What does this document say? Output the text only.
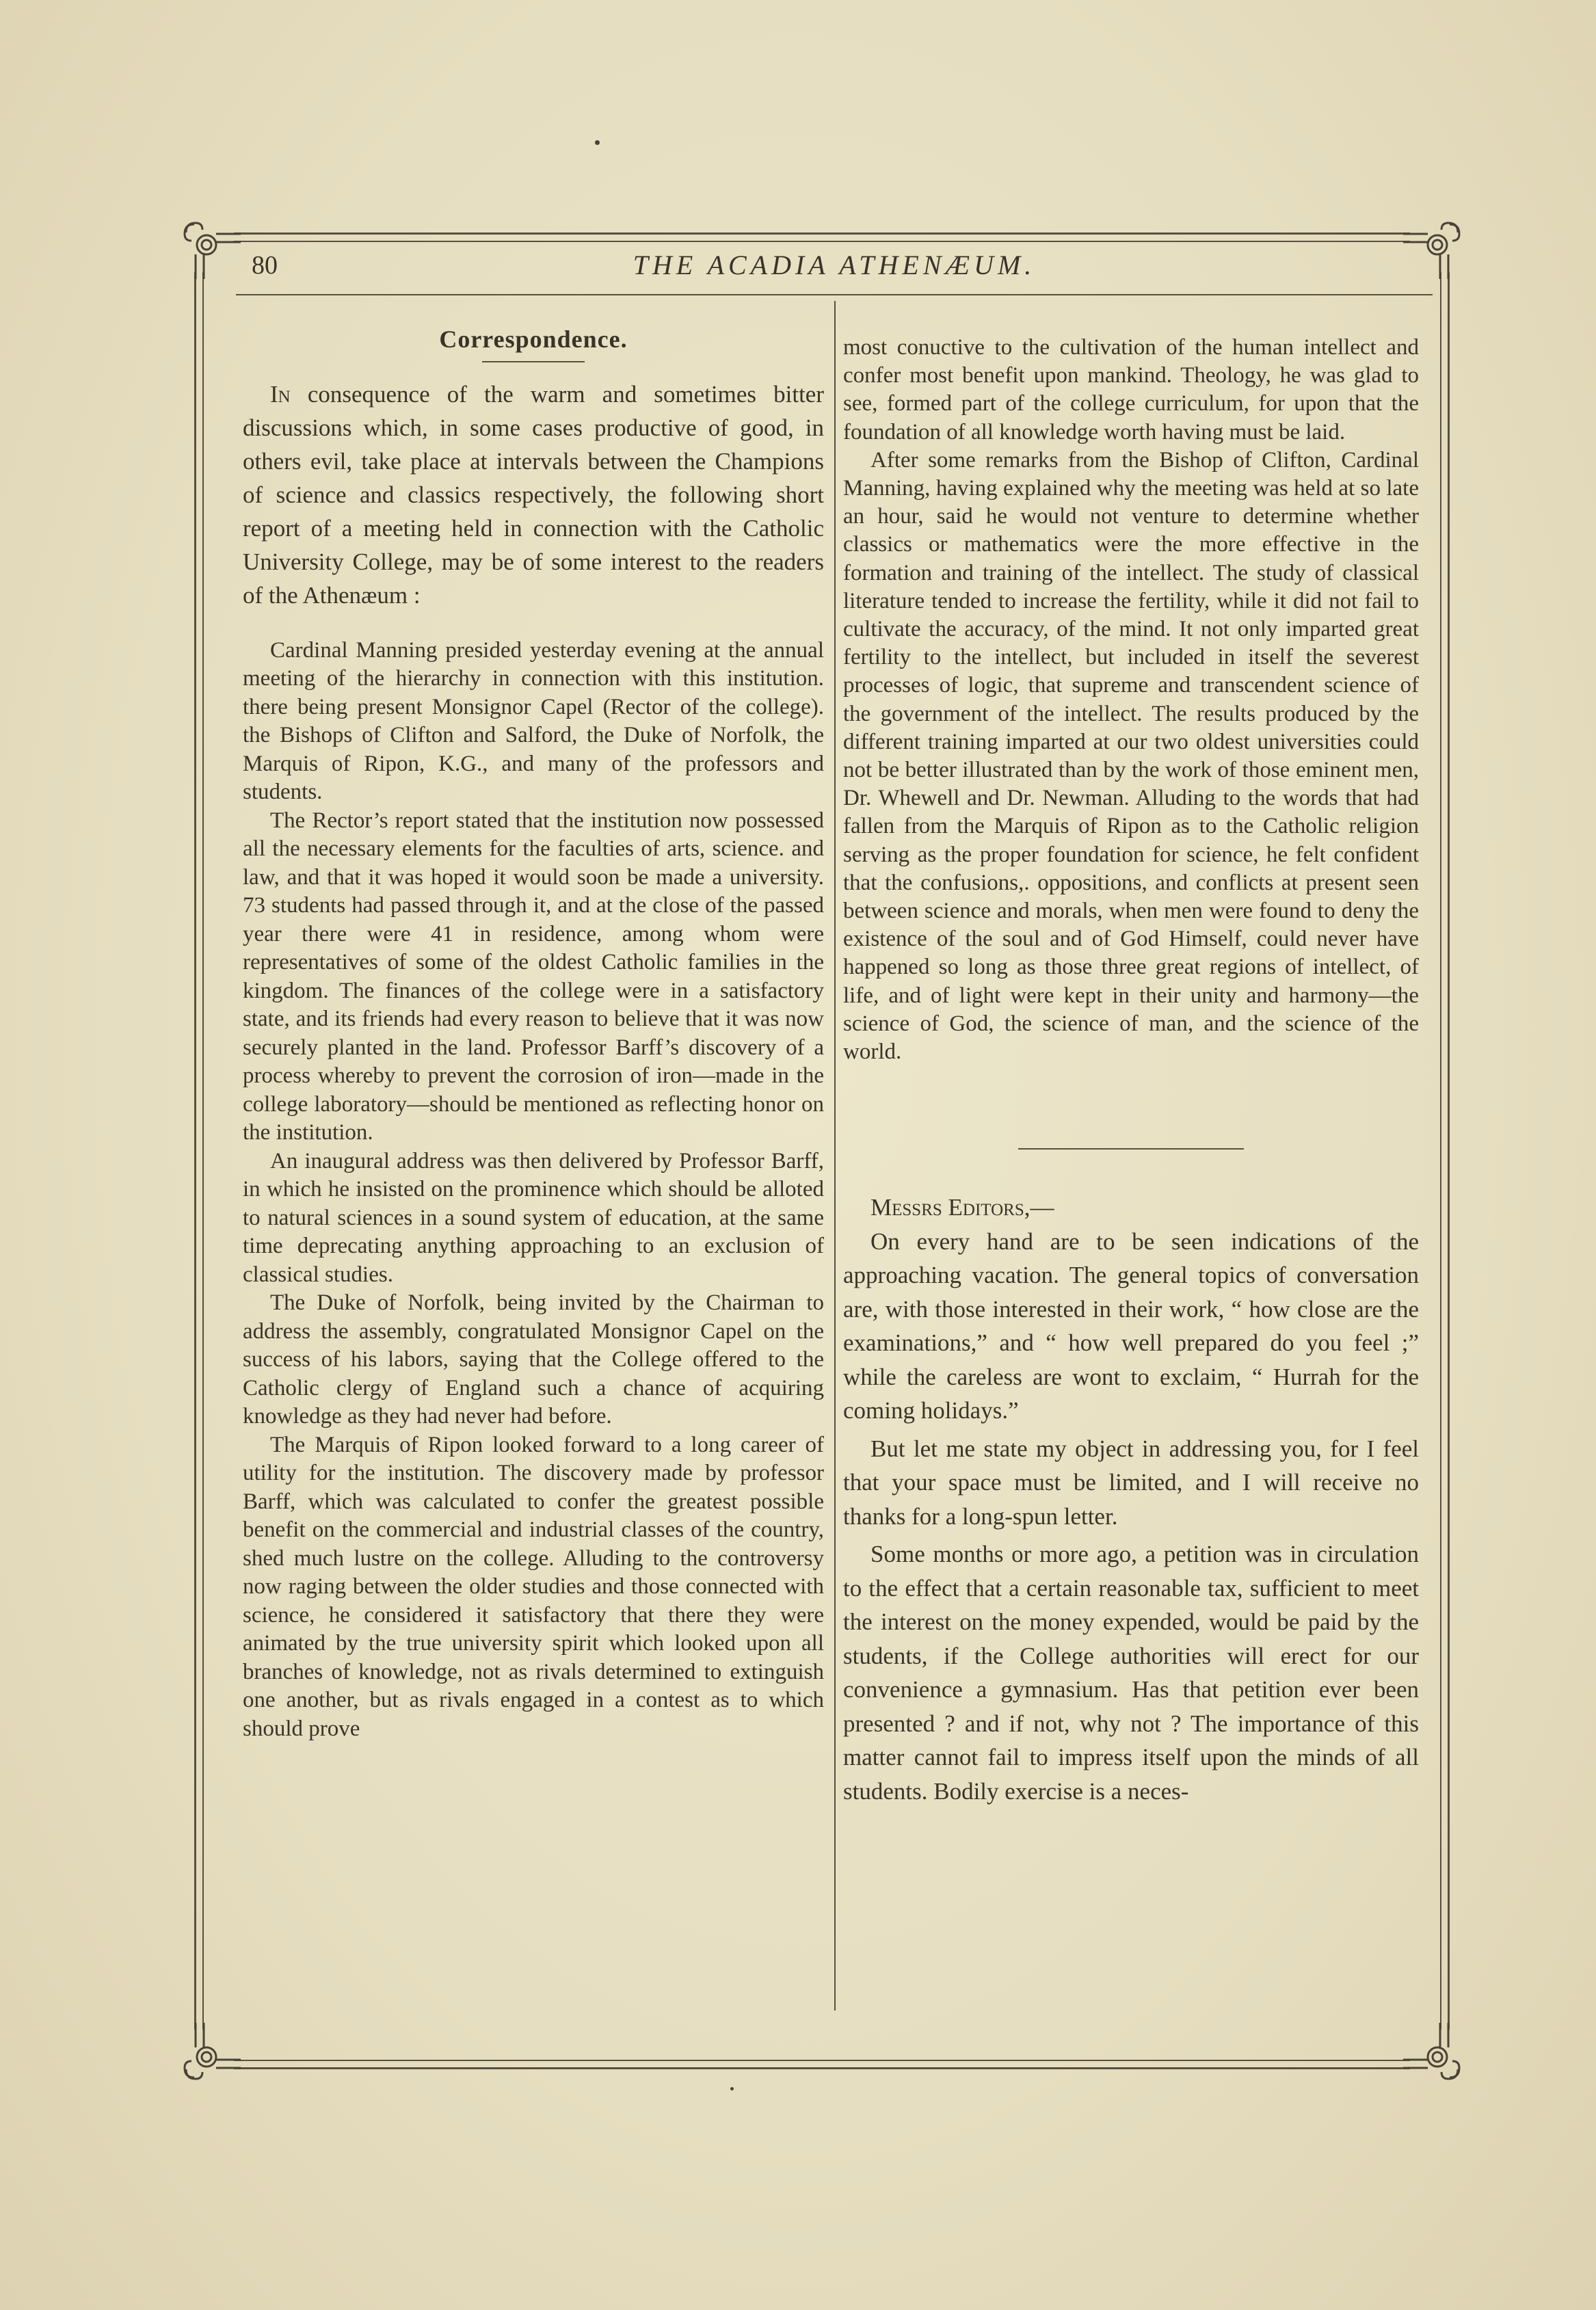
80	THE ACADIA ATHENÆUM.
Correspondence.

In consequence of the warm and sometimes bitter discussions which, in some cases productive of good, in others evil, take place at intervals between the Champions of science and classics respectively, the following short report of a meeting held in connection with the Catholic University College, may be of some interest to the readers of the Athenæum :

Cardinal Manning presided yesterday evening at the annual meeting of the hierarchy in connection with this institution. there being present Monsignor Capel (Rector of the college). the Bishops of Clifton and Salford, the Duke of Norfolk, the Marquis of Ripon, K.G., and many of the professors and students.

The Rector’s report stated that the institution now possessed all the necessary elements for the faculties of arts, science. and law, and that it was hoped it would soon be made a university. 73 students had passed through it, and at the close of the passed year there were 41 in residence, among whom were representatives of some of the oldest Catholic families in the kingdom. The finances of the college were in a satisfactory state, and its friends had every reason to believe that it was now securely planted in the land. Professor Barff’s discovery of a process whereby to prevent the corrosion of iron—made in the college laboratory—should be mentioned as reflecting honor on the institution.

An inaugural address was then delivered by Professor Barff, in which he insisted on the prominence which should be alloted to natural sciences in a sound system of education, at the same time deprecating anything approaching to an exclusion of classical studies.

The Duke of Norfolk, being invited by the Chairman to address the assembly, congratulated Monsignor Capel on the success of his labors, saying that the College offered to the Catholic clergy of England such a chance of acquiring knowledge as they had never had before.

The Marquis of Ripon looked forward to a long career of utility for the institution. The discovery made by professor Barff, which was calculated to confer the greatest possible benefit on the commercial and industrial classes of the country, shed much lustre on the college. Alluding to the controversy now raging between the older studies and those connected with science, he considered it satisfactory that there they were animated by the true university spirit which looked upon all branches of knowledge, not as rivals determined to extinguish one another, but as rivals engaged in a contest as to which should prove

most conuctive to the cultivation of the human intellect and confer most benefit upon mankind. Theology, he was glad to see, formed part of the college curriculum, for upon that the foundation of all knowledge worth having must be laid.

After some remarks from the Bishop of Clifton, Cardinal Manning, having explained why the meeting was held at so late an hour, said he would not venture to determine whether classics or mathematics were the more effective in the formation and training of the intellect. The study of classical literature tended to increase the fertility, while it did not fail to cultivate the accuracy, of the mind. It not only imparted great fertility to the intellect, but included in itself the severest processes of logic, that supreme and transcendent science of the government of the intellect. The results produced by the different training imparted at our two oldest universities could not be better illustrated than by the work of those eminent men, Dr. Whewell and Dr. Newman. Alluding to the words that had fallen from the Marquis of Ripon as to the Catholic religion serving as the proper foundation for science, he felt confident that the confusions,. oppositions, and conflicts at present seen between science and morals, when men were found to deny the existence of the soul and of God Himself, could never have happened so long as those three great regions of intellect, of life, and of light were kept in their unity and harmony—the science of God, the science of man, and the science of the world.

Messrs Editors,—

On every hand are to be seen indications of the approaching vacation. The general topics of conversation are, with those interested in their work, “ how close are the examinations,” and “ how well prepared do you feel ;” while the careless are wont to exclaim, “ Hurrah for the coming holidays.”

But let me state my object in addressing you, for I feel that your space must be limited, and I will receive no thanks for a long-spun letter.

Some months or more ago, a petition was in circulation to the effect that a certain reasonable tax, sufficient to meet the interest on the money expended, would be paid by the students, if the College authorities will erect for our convenience a gymnasium. Has that petition ever been presented ? and if not, why not ? The importance of this matter cannot fail to impress itself upon the minds of all students. Bodily exercise is a neces-
